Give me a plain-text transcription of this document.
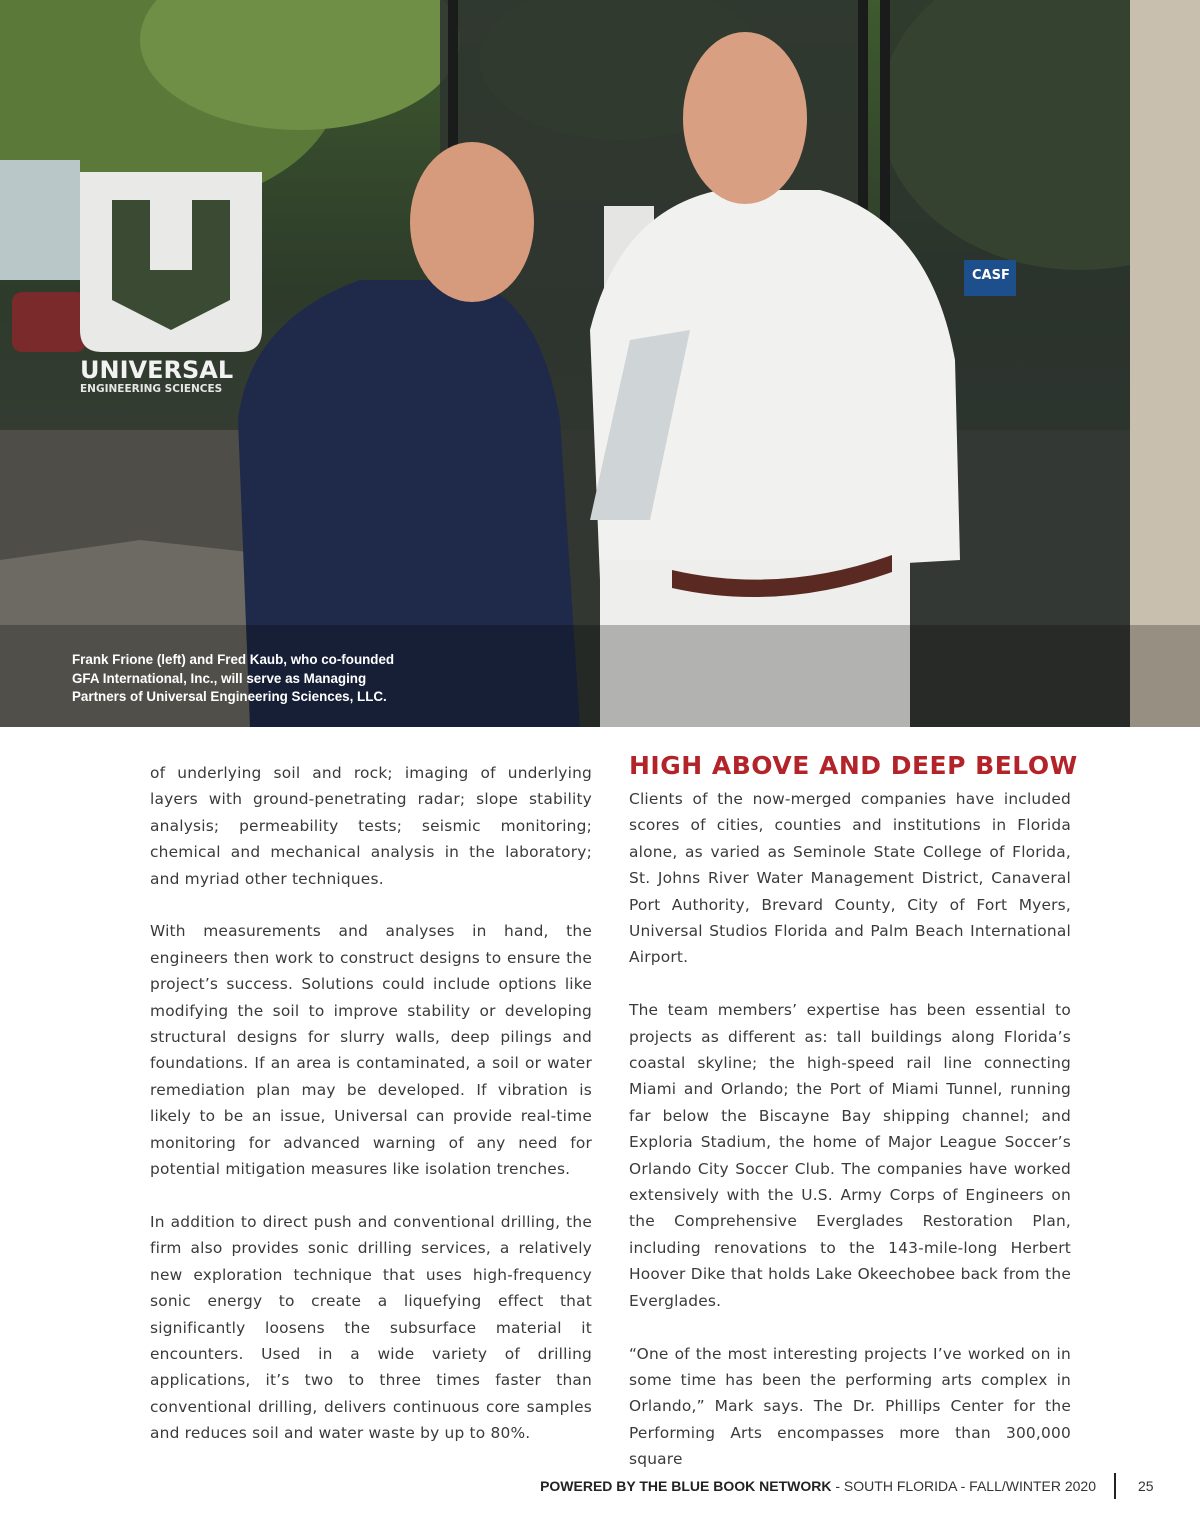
UNIVERSAL
ENGINEERING SCIENCES
CASF
Frank Frione (left) and Fred Kaub, who co-founded
GFA International, Inc., will serve as Managing
Partners of Universal Engineering Sciences, LLC.

of underlying soil and rock; imaging of underlying layers with ground-penetrating radar; slope stability analysis; permeability tests; seismic monitoring; chemical and mechanical analysis in the laboratory; and myriad other techniques.

With measurements and analyses in hand, the engineers then work to construct designs to ensure the project’s success. Solutions could include options like modifying the soil to improve stability or developing structural designs for slurry walls, deep pilings and foundations. If an area is contaminated, a soil or water remediation plan may be developed. If vibration is likely to be an issue, Universal can provide real-time monitoring for advanced warning of any need for potential mitigation measures like isolation trenches.

In addition to direct push and conventional drilling, the firm also provides sonic drilling services, a relatively new exploration technique that uses high-frequency sonic energy to create a liquefying effect that significantly loosens the subsurface material it encounters. Used in a wide variety of drilling applications, it’s two to three times faster than conventional drilling, delivers continuous core samples and reduces soil and water waste by up to 80%.

HIGH ABOVE AND DEEP BELOW

Clients of the now-merged companies have included scores of cities, counties and institutions in Florida alone, as varied as Seminole State College of Florida, St. Johns River Water Management District, Canaveral Port Authority, Brevard County, City of Fort Myers, Universal Studios Florida and Palm Beach International Airport.

The team members’ expertise has been essential to projects as different as: tall buildings along Florida’s coastal skyline; the high-speed rail line connecting Miami and Orlando; the Port of Miami Tunnel, running far below the Biscayne Bay shipping channel; and Exploria Stadium, the home of Major League Soccer’s Orlando City Soccer Club. The companies have worked extensively with the U.S. Army Corps of Engineers on the Comprehensive Everglades Restoration Plan, including renovations to the 143-mile-long Herbert Hoover Dike that holds Lake Okeechobee back from the Everglades.

“One of the most interesting projects I’ve worked on in some time has been the performing arts complex in Orlando,” Mark says. The Dr. Phillips Center for the Performing Arts encompasses more than 300,000 square

POWERED BY THE BLUE BOOK NETWORK - SOUTH FLORIDA - FALL/WINTER 2020	25
